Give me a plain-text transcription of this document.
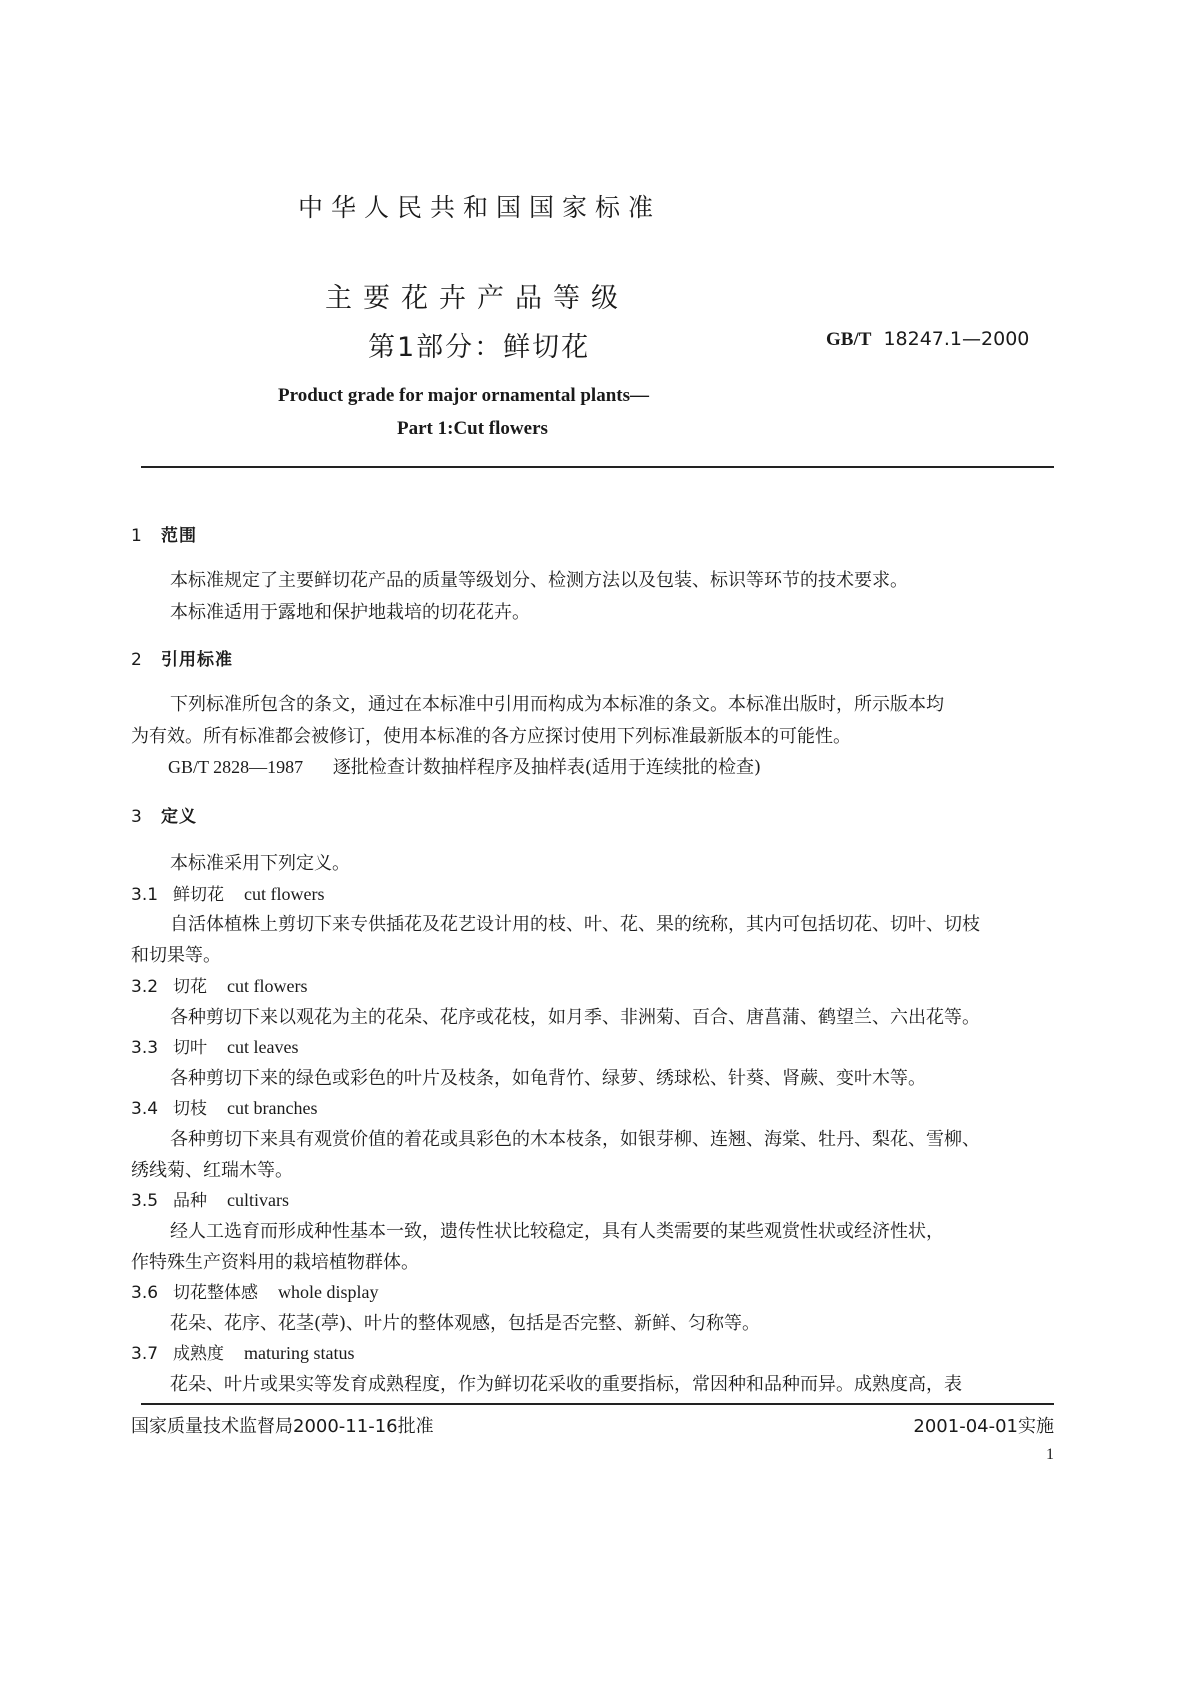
中华人民共和国国家标准
主要花卉产品等级
第1部分：鲜切花	GB/T 18247.1—2000
Product grade for major ornamental plants—
Part 1:Cut flowers
1 范围
本标准规定了主要鲜切花产品的质量等级划分、检测方法以及包装、标识等环节的技术要求。
本标准适用于露地和保护地栽培的切花花卉。
2 引用标准
下列标准所包含的条文，通过在本标准中引用而构成为本标准的条文。本标准出版时，所示版本均
为有效。所有标准都会被修订，使用本标准的各方应探讨使用下列标准最新版本的可能性。
GB/T 2828—1987 逐批检查计数抽样程序及抽样表(适用于连续批的检查)
3 定义
本标准采用下列定义。
3.1 鲜切花 cut flowers
自活体植株上剪切下来专供插花及花艺设计用的枝、叶、花、果的统称，其内可包括切花、切叶、切枝
和切果等。
3.2 切花 cut flowers
各种剪切下来以观花为主的花朵、花序或花枝，如月季、非洲菊、百合、唐菖蒲、鹤望兰、六出花等。
3.3 切叶 cut leaves
各种剪切下来的绿色或彩色的叶片及枝条，如龟背竹、绿萝、绣球松、针葵、肾蕨、变叶木等。
3.4 切枝 cut branches
各种剪切下来具有观赏价值的着花或具彩色的木本枝条，如银芽柳、连翘、海棠、牡丹、梨花、雪柳、
绣线菊、红瑞木等。
3.5 品种 cultivars
经人工选育而形成种性基本一致，遗传性状比较稳定，具有人类需要的某些观赏性状或经济性状，
作特殊生产资料用的栽培植物群体。
3.6 切花整体感 whole display
花朵、花序、花茎(葶)、叶片的整体观感，包括是否完整、新鲜、匀称等。
3.7 成熟度 maturing status
花朵、叶片或果实等发育成熟程度，作为鲜切花采收的重要指标，常因种和品种而异。成熟度高，表
国家质量技术监督局2000-11-16批准	2001-04-01实施
1
